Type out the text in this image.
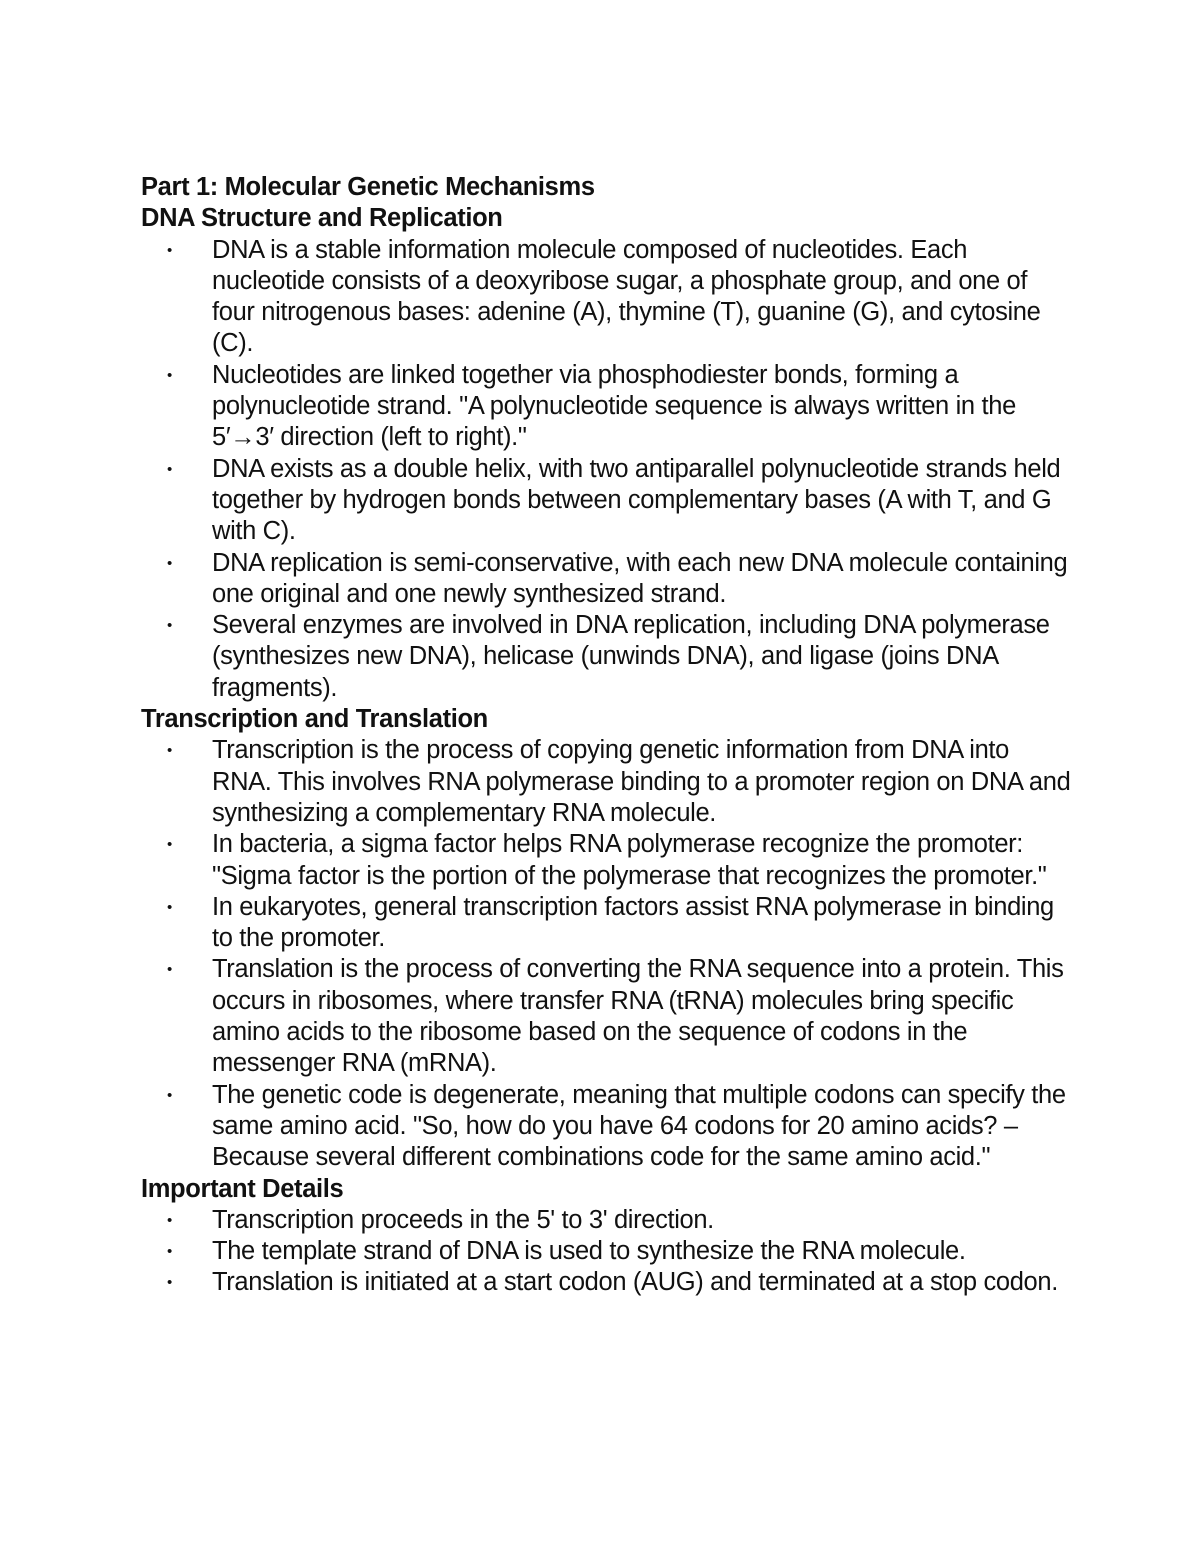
Part 1: Molecular Genetic Mechanisms
DNA Structure and Replication
• DNA is a stable information molecule composed of nucleotides. Each nucleotide consists of a deoxyribose sugar, a phosphate group, and one of four nitrogenous bases: adenine (A), thymine (T), guanine (G), and cytosine (C).
• Nucleotides are linked together via phosphodiester bonds, forming a polynucleotide strand. "A polynucleotide sequence is always written in the 5′→3′ direction (left to right)."
• DNA exists as a double helix, with two antiparallel polynucleotide strands held together by hydrogen bonds between complementary bases (A with T, and G with C).
• DNA replication is semi-conservative, with each new DNA molecule containing one original and one newly synthesized strand.
• Several enzymes are involved in DNA replication, including DNA polymerase (synthesizes new DNA), helicase (unwinds DNA), and ligase (joins DNA fragments).
Transcription and Translation
• Transcription is the process of copying genetic information from DNA into RNA. This involves RNA polymerase binding to a promoter region on DNA and synthesizing a complementary RNA molecule.
• In bacteria, a sigma factor helps RNA polymerase recognize the promoter: "Sigma factor is the portion of the polymerase that recognizes the promoter."
• In eukaryotes, general transcription factors assist RNA polymerase in binding to the promoter.
• Translation is the process of converting the RNA sequence into a protein. This occurs in ribosomes, where transfer RNA (tRNA) molecules bring specific amino acids to the ribosome based on the sequence of codons in the messenger RNA (mRNA).
• The genetic code is degenerate, meaning that multiple codons can specify the same amino acid. "So, how do you have 64 codons for 20 amino acids? – Because several different combinations code for the same amino acid."
Important Details
• Transcription proceeds in the 5' to 3' direction.
• The template strand of DNA is used to synthesize the RNA molecule.
• Translation is initiated at a start codon (AUG) and terminated at a stop codon.
